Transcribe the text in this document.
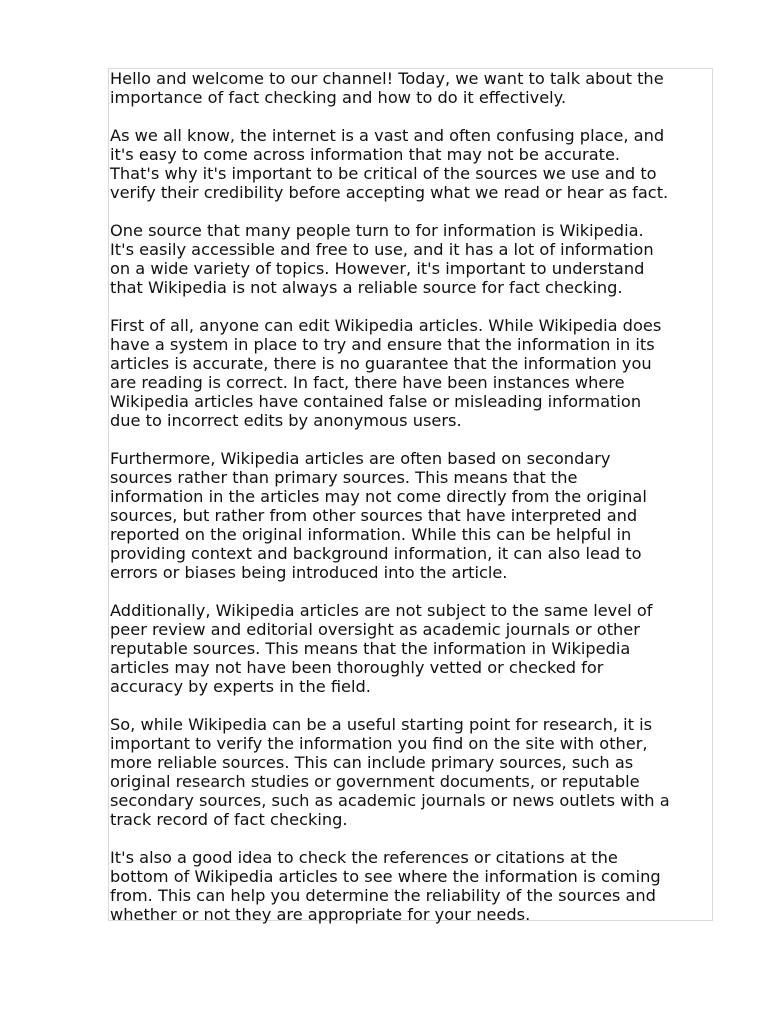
Hello and welcome to our channel! Today, we want to talk about the
importance of fact checking and how to do it effectively.

As we all know, the internet is a vast and often confusing place, and
it's easy to come across information that may not be accurate.
That's why it's important to be critical of the sources we use and to
verify their credibility before accepting what we read or hear as fact.

One source that many people turn to for information is Wikipedia.
It's easily accessible and free to use, and it has a lot of information
on a wide variety of topics. However, it's important to understand
that Wikipedia is not always a reliable source for fact checking.

First of all, anyone can edit Wikipedia articles. While Wikipedia does
have a system in place to try and ensure that the information in its
articles is accurate, there is no guarantee that the information you
are reading is correct. In fact, there have been instances where
Wikipedia articles have contained false or misleading information
due to incorrect edits by anonymous users.

Furthermore, Wikipedia articles are often based on secondary
sources rather than primary sources. This means that the
information in the articles may not come directly from the original
sources, but rather from other sources that have interpreted and
reported on the original information. While this can be helpful in
providing context and background information, it can also lead to
errors or biases being introduced into the article.

Additionally, Wikipedia articles are not subject to the same level of
peer review and editorial oversight as academic journals or other
reputable sources. This means that the information in Wikipedia
articles may not have been thoroughly vetted or checked for
accuracy by experts in the field.

So, while Wikipedia can be a useful starting point for research, it is
important to verify the information you find on the site with other,
more reliable sources. This can include primary sources, such as
original research studies or government documents, or reputable
secondary sources, such as academic journals or news outlets with a
track record of fact checking.

It's also a good idea to check the references or citations at the
bottom of Wikipedia articles to see where the information is coming
from. This can help you determine the reliability of the sources and
whether or not they are appropriate for your needs.
